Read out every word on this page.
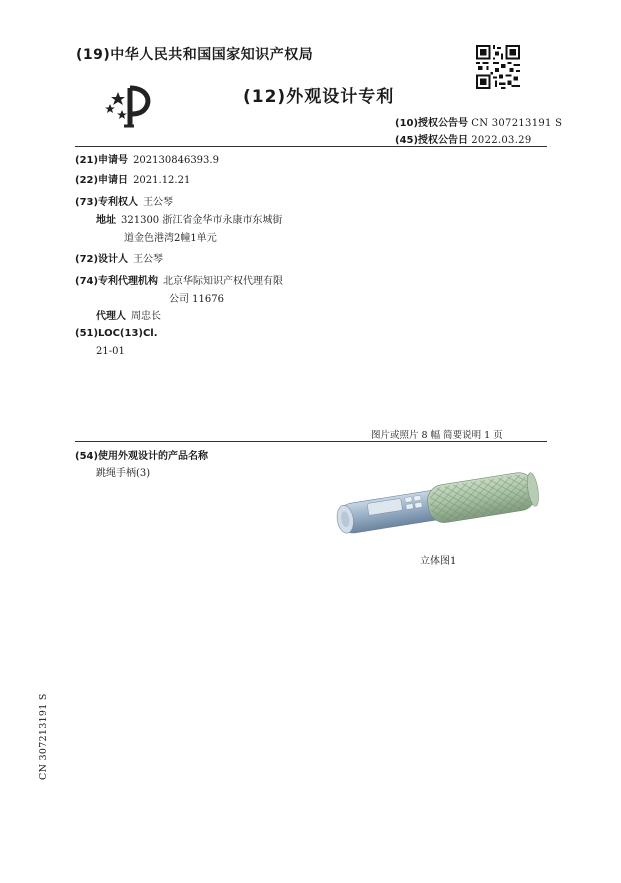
(19)中华人民共和国国家知识产权局
(12)外观设计专利
(10)授权公告号 CN 307213191 S
(45)授权公告日 2022.03.29
(21)申请号 202130846393.9
(22)申请日 2021.12.21
(73)专利权人 王公琴
地址 321300 浙江省金华市永康市东城街
道金色港湾2幢1单元
(72)设计人 王公琴
(74)专利代理机构 北京华际知识产权代理有限
公司 11676
代理人 周忠长
(51)LOC(13)Cl.
21-01
图片或照片 8 幅 简要说明 1 页
(54)使用外观设计的产品名称
跳绳手柄(3)
立体图1
CN 307213191 S
